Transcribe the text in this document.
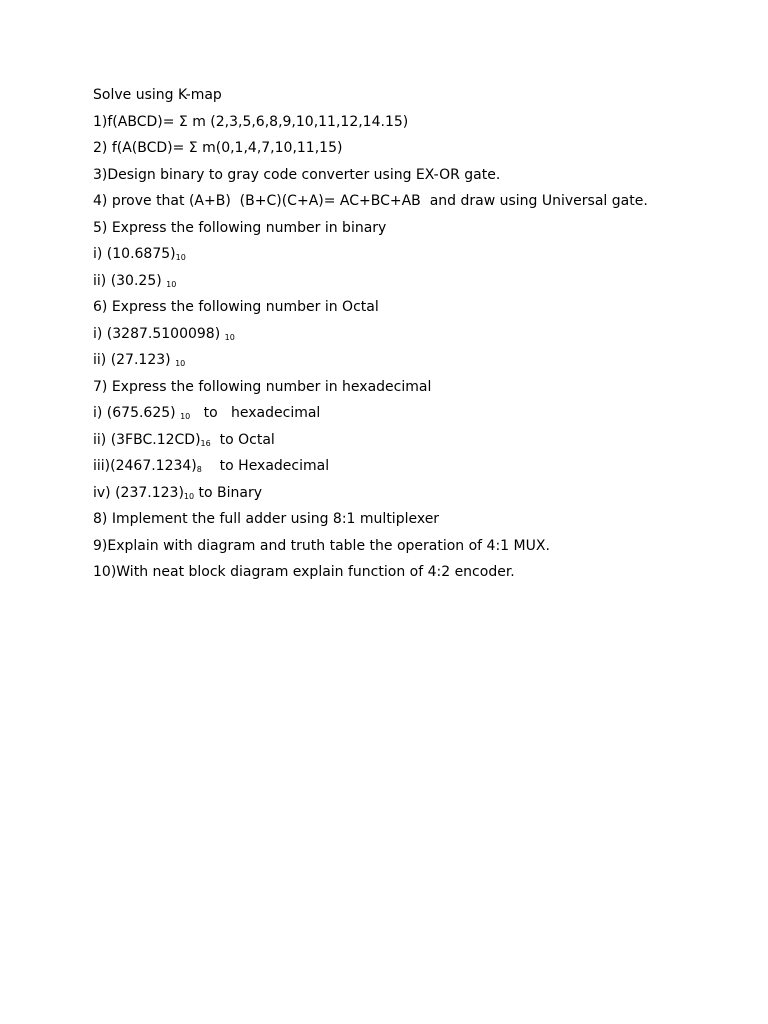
Solve using K-map
1)f(ABCD)= Σ m (2,3,5,6,8,9,10,11,12,14.15)
2) f(A(BCD)= Σ m(0,1,4,7,10,11,15)
3)Design binary to gray code converter using EX-OR gate.
4) prove that (A+B)  (B+C)(C+A)= AC+BC+AB  and draw using Universal gate.
5) Express the following number in binary
i) $(10.6875)_{10}$
ii) (30.25) $_{10}$
6) Express the following number in Octal
i) (3287.5100098) $_{10}$
ii) (27.123) $_{10}$
7) Express the following number in hexadecimal
i) (675.625) $_{10}$   to   hexadecimal
ii) $(3FBC.12CD)_{16}$  to Octal
$iii)(2467.1234)_8$    to Hexadecimal
iv) $(237.123)_{10}$ to Binary
8) Implement the full adder using 8:1 multiplexer
9)Explain with diagram and truth table the operation of 4:1 MUX.
10)With neat block diagram explain function of 4:2 encoder.
